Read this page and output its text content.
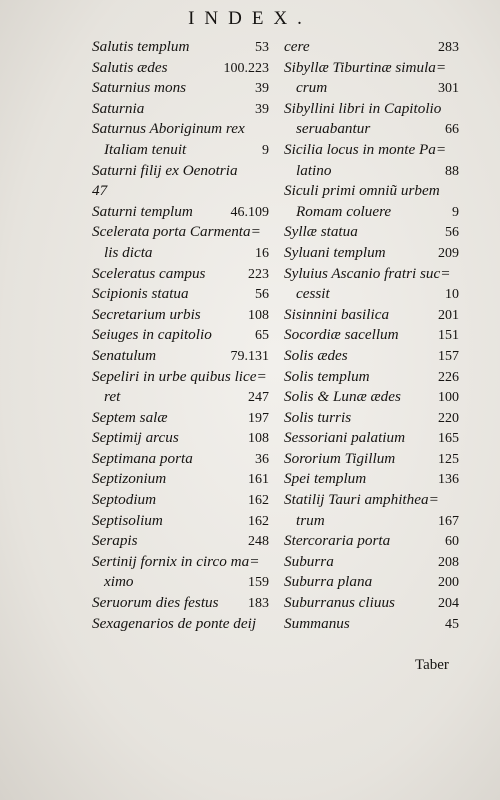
INDEX.
Salutis templum	53
Salutis ædes	100.223
Saturnius mons	39
Saturnia	39
Saturnus Aboriginum rex
Italiam tenuit	9
Saturni filij ex Oenotria
47
Saturni templum	46.109
Scelerata porta Carmenta=
lis dicta	16
Sceleratus campus	223
Scipionis statua	56
Secretarium urbis	108
Seiuges in capitolio	65
Senatulum	79.131
Sepeliri in urbe quibus lice=
ret	247
Septem salæ	197
Septimij arcus	108
Septimana porta	36
Septizonium	161
Septodium	162
Septisolium	162
Serapis	248
Sertinij fornix in circo ma=
ximo	159
Seruorum dies festus 183
Sexagenarios de ponte deij
cere	283
Sibyllæ Tiburtinæ simula=
crum	301
Sibyllini libri in Capitolio
seruabantur	66
Sicilia locus in monte Pa=
latino	88
Siculi primi omniũ urbem
Romam coluere	9
Syllæ statua	56
Syluani templum	209
Syluius Ascanio fratri suc=
cessit	10
Sisinnini basilica	201
Socordiæ sacellum	151
Solis ædes	157
Solis templum	226
Solis & Lunæ ædes	100
Solis turris	220
Sessoriani palatium 165
Sororium Tigillum	125
Spei templum	136
Statilij Tauri amphithea=
trum	167
Stercoraria porta	60
Suburra	208
Suburra plana	200
Suburranus cliuus	204
Summanus	45
Taber
